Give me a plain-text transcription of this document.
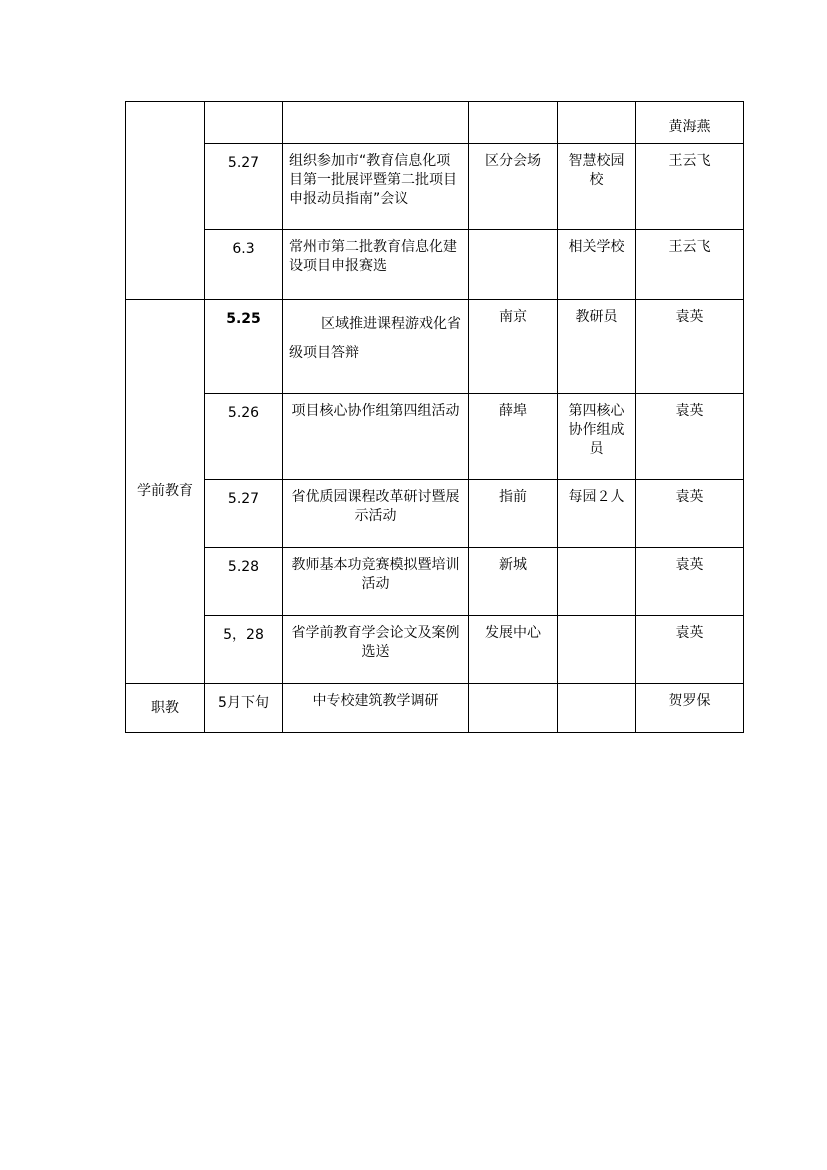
					黄海燕
	5.27	组织参加市“教育信息化项目第一批展评暨第二批项目申报动员指南”会议	区分会场	智慧校园校	王云飞
	6.3	常州市第二批教育信息化建设项目申报赛选		相关学校	王云飞
学前教育	5.25	区域推进课程游戏化省级项目答辩	南京	教研员	袁英
	5.26	项目核心协作组第四组活动	薛埠	第四核心协作组成员	袁英
	5.27	省优质园课程改革研讨暨展示活动	指前	每园２人	袁英
	5.28	教师基本功竞赛模拟暨培训活动	新城		袁英
	5，28	省学前教育学会论文及案例选送	发展中心		袁英
职教	5月下旬	中专校建筑教学调研			贺罗保
